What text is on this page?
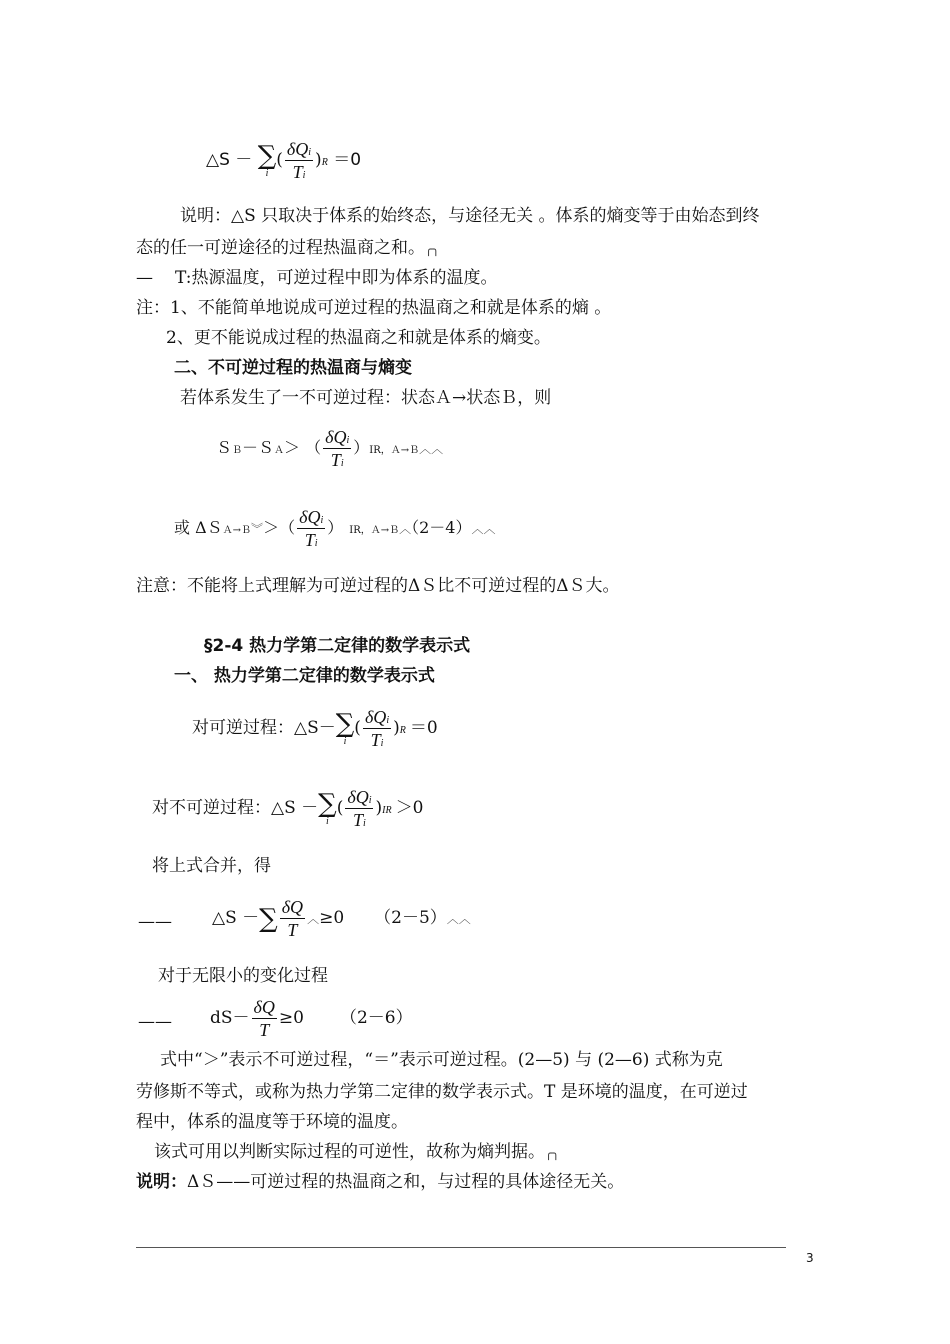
△S － ∑
i
( $\frac{\text{δQi}}{Ti} )R =0$
说明：△S 只取决于体系的始终态，与途径无关 。体系的熵变等于由始态到终
态的任一可逆途径的过程热温商之和。╭╮
— T:热源温度，可逆过程中即为体系的温度。
注：1、不能简单地说成可逆过程的热温商之和就是体系的熵 。
2、更不能说成过程的热温商之和就是体系的熵变。
二、不可逆过程的热温商与熵变
若体系发生了一不可逆过程：状态Ａ→状态Ｂ，则
ＳＢ－ＳＡ＞ （ $\frac{\text{δQi}}{Ti} )IR$，Ａ→Ｂ︿︿
或 ΔＳＡ→Ｂ︾＞（ $\frac{\text{δQi}}{Ti}$ ） IR，Ａ→Ｂ︿（2－4）︿︿
注意：不能将上式理解为可逆过程的ΔＳ比不可逆过程的ΔＳ大。
§2-4 热力学第二定律的数学表示式
一、 热力学第二定律的数学表示式
对可逆过程：△S－ ∑
i
( $\frac{\text{δQi}}{Ti} )R =0$
对不可逆过程：△S － ∑
i
( $\frac{\text{δQi}}{Ti} )IR >0$
将上式合并，得
—— △S － ∑ $\frac{\delta Q}{T}$ ︿≥0 （2－5）︿︿
对于无限小的变化过程
—— $dS- \frac{\delta Q}{T} \ge 0$ （2－6）
式中“＞”表示不可逆过程，“＝”表示可逆过程。(2—5) 与 (2—6) 式称为克
劳修斯不等式，或称为热力学第二定律的数学表示式。T 是环境的温度，在可逆过
程中，体系的温度等于环境的温度。
该式可用以判断实际过程的可逆性，故称为熵判据。╭╮
说明：ΔＳ——可逆过程的热温商之和，与过程的具体途径无关。
3
